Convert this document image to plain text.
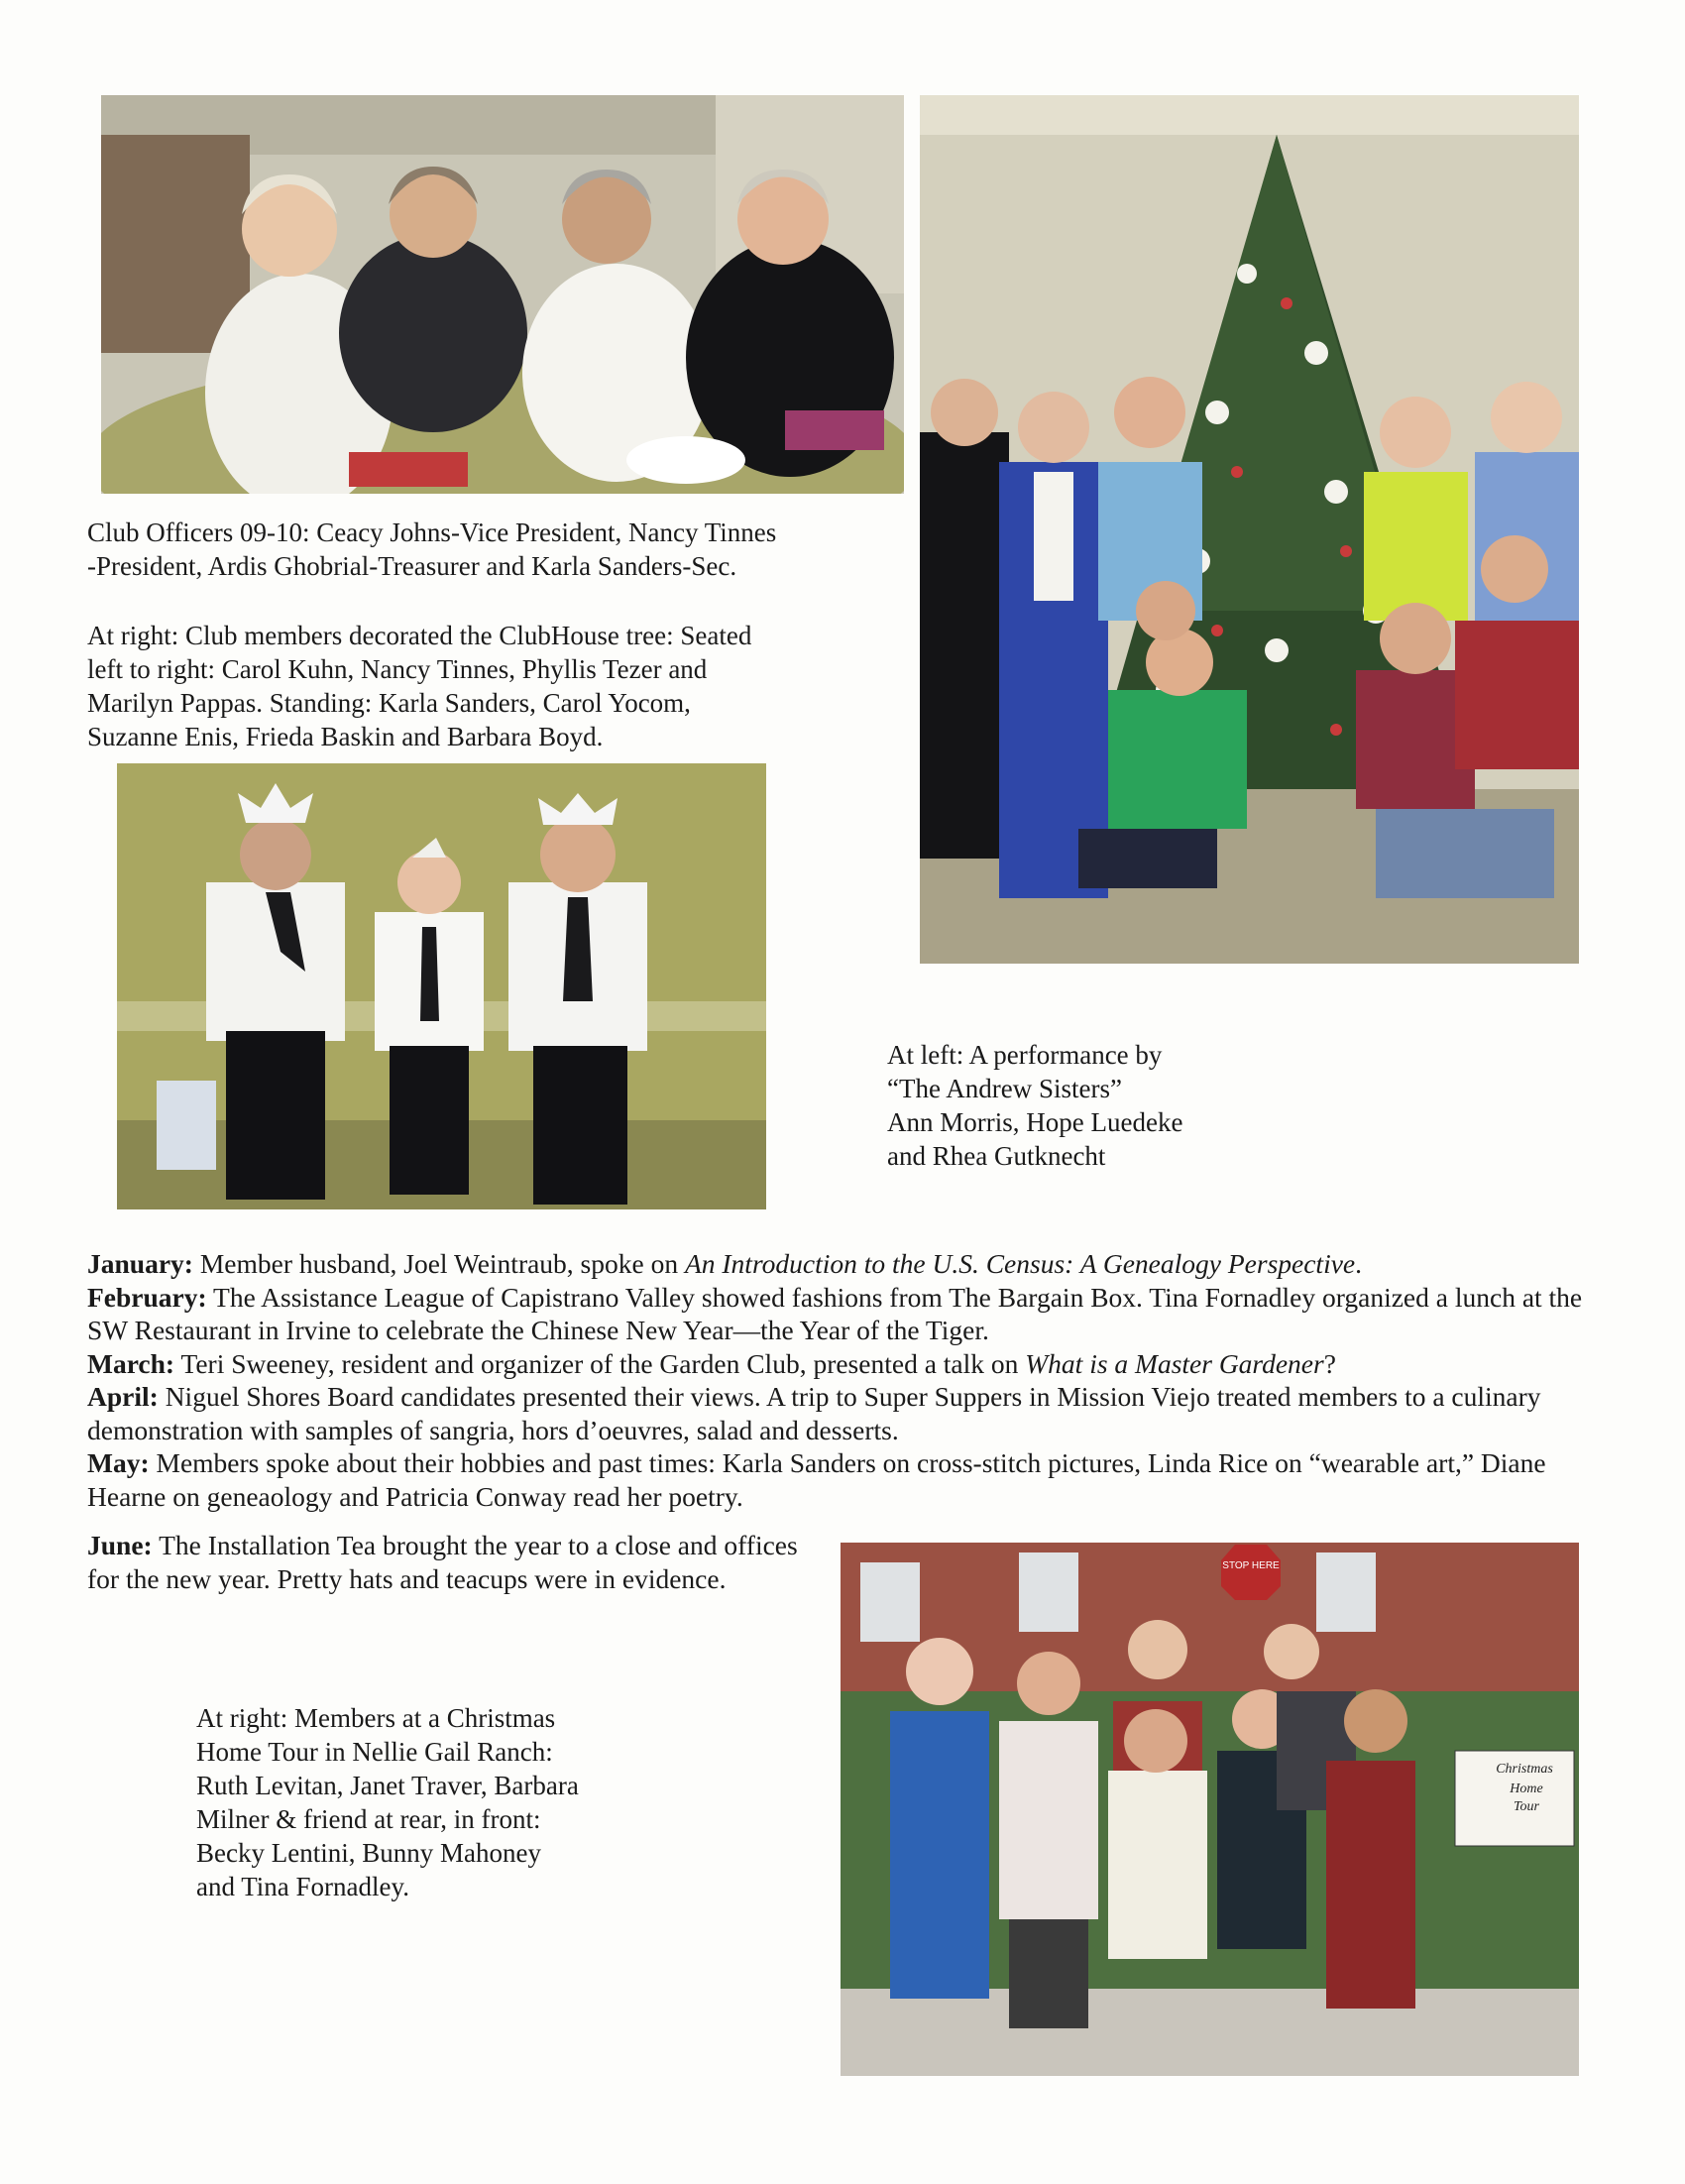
Club Officers 09-10: Ceacy Johns-Vice President, Nancy Tinnes
-President, Ardis Ghobrial-Treasurer and Karla Sanders-Sec.
At right: Club members decorated the ClubHouse tree: Seated
left to right: Carol Kuhn, Nancy Tinnes, Phyllis Tezer and
Marilyn Pappas. Standing: Karla Sanders, Carol Yocom,
Suzanne Enis, Frieda Baskin and Barbara Boyd.
At left: A performance by
“The Andrew Sisters”
Ann Morris, Hope Luedeke
and Rhea Gutknecht

January: Member husband, Joel Weintraub, spoke on An Introduction to the U.S. Census: A Genealogy Perspective.

February: The Assistance League of Capistrano Valley showed fashions from The Bargain Box. Tina Fornadley organized a lunch at the SW Restaurant in Irvine to celebrate the Chinese New Year—the Year of the Tiger.

March: Teri Sweeney, resident and organizer of the Garden Club, presented a talk on What is a Master Gardener?

April: Niguel Shores Board candidates presented their views. A trip to Super Suppers in Mission Viejo treated members to a culinary demonstration with samples of sangria, hors d’oeuvres, salad and desserts.

May: Members spoke about their hobbies and past times: Karla Sanders on cross-stitch pictures, Linda Rice on “wearable art,” Diane Hearne on geneaology and Patricia Conway read her poetry.

June: The Installation Tea brought the year to a close and offices for the new year. Pretty hats and teacups were in evidence.
At right: Members at a Christmas
Home Tour in Nellie Gail Ranch:
Ruth Levitan, Janet Traver, Barbara
Milner & friend at rear, in front:
Becky Lentini, Bunny Mahoney
and Tina Fornadley.
STOP HERE
Christmas
Home
Tour
